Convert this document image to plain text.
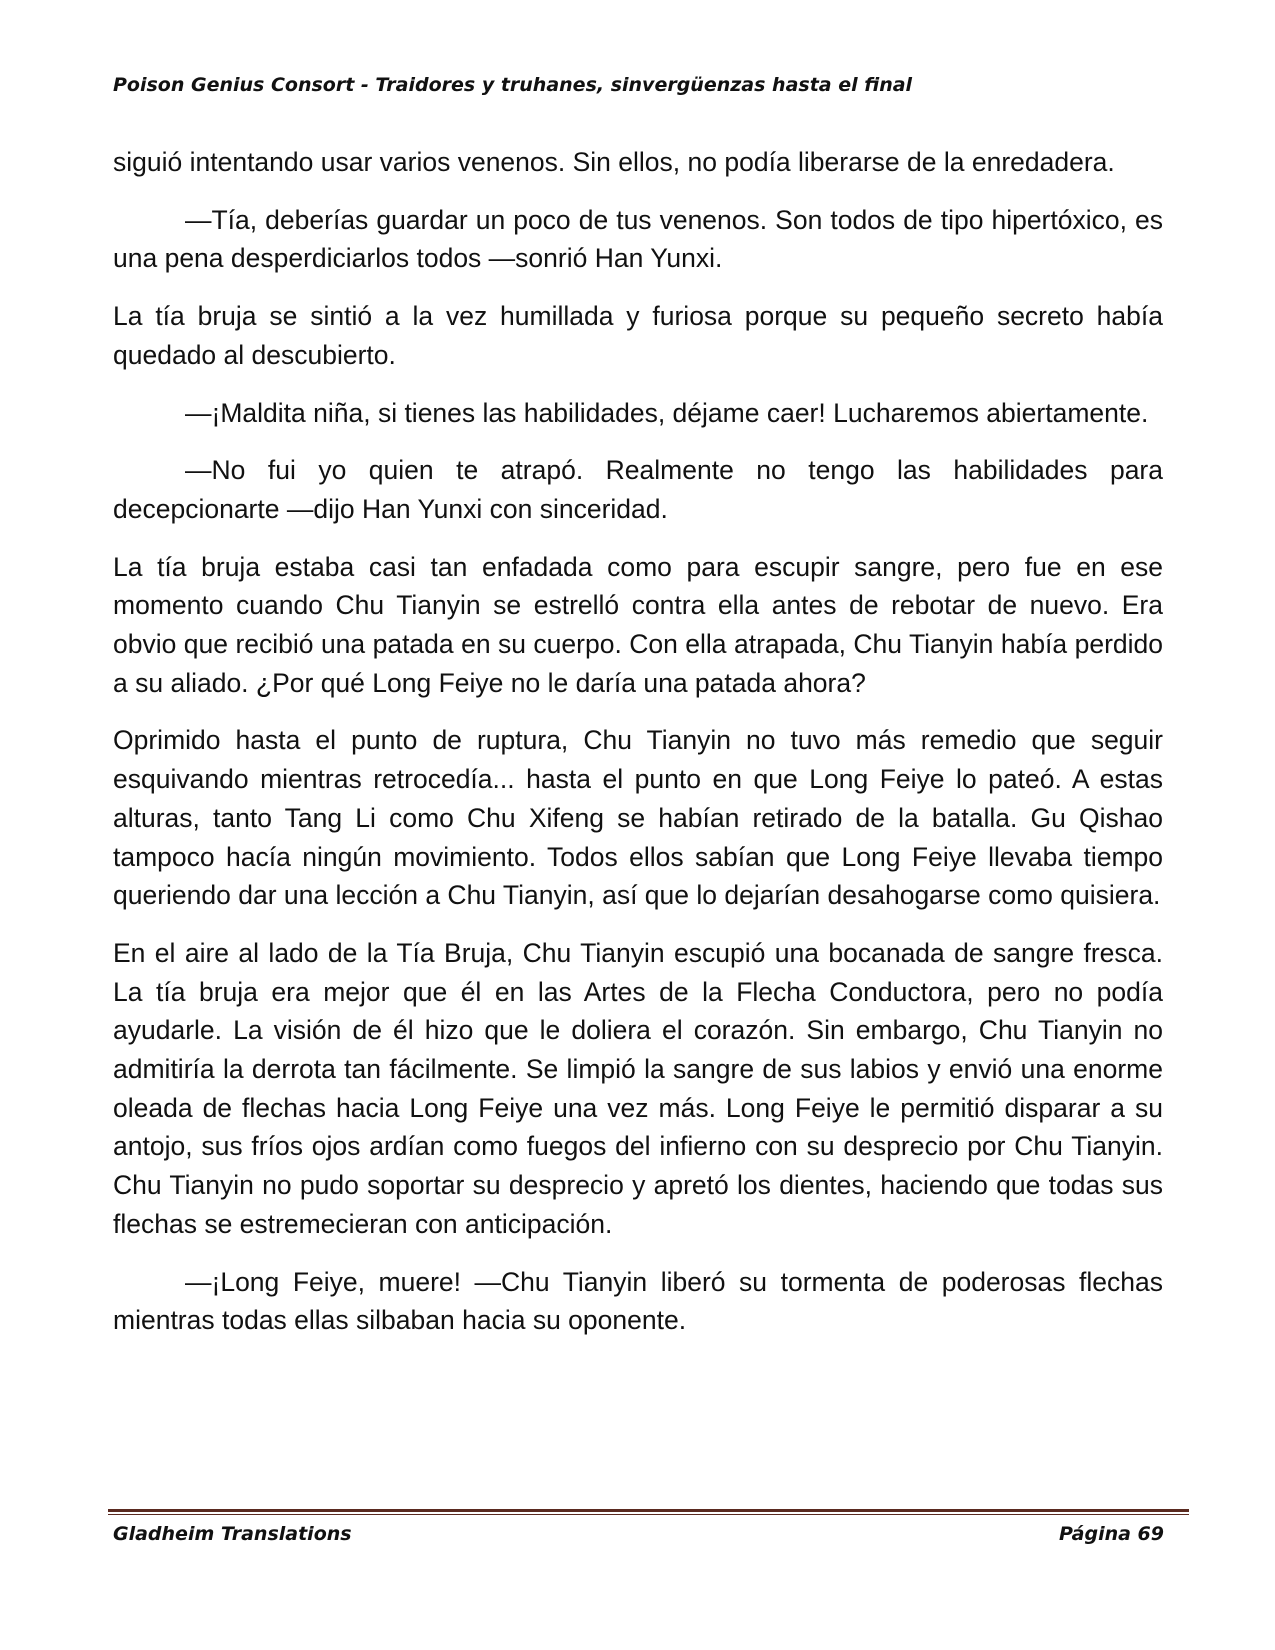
Poison Genius Consort - Traidores y truhanes, sinvergüenzas hasta el final

siguió intentando usar varios venenos. Sin ellos, no podía liberarse de la enredadera.

—Tía, deberías guardar un poco de tus venenos. Son todos de tipo hipertóxico, es una pena desperdiciarlos todos —sonrió Han Yunxi.

La tía bruja se sintió a la vez humillada y furiosa porque su pequeño secreto había quedado al descubierto.

—¡Maldita niña, si tienes las habilidades, déjame caer! Lucharemos abiertamente.

—No fui yo quien te atrapó. Realmente no tengo las habilidades para decepcionarte —dijo Han Yunxi con sinceridad.

La tía bruja estaba casi tan enfadada como para escupir sangre, pero fue en ese momento cuando Chu Tianyin se estrelló contra ella antes de rebotar de nuevo. Era obvio que recibió una patada en su cuerpo. Con ella atrapada, Chu Tianyin había perdido a su aliado. ¿Por qué Long Feiye no le daría una patada ahora?

Oprimido hasta el punto de ruptura, Chu Tianyin no tuvo más remedio que seguir esquivando mientras retrocedía... hasta el punto en que Long Feiye lo pateó. A estas alturas, tanto Tang Li como Chu Xifeng se habían retirado de la batalla. Gu Qishao tampoco hacía ningún movimiento. Todos ellos sabían que Long Feiye llevaba tiempo queriendo dar una lección a Chu Tianyin, así que lo dejarían desahogarse como quisiera.

En el aire al lado de la Tía Bruja, Chu Tianyin escupió una bocanada de sangre fresca. La tía bruja era mejor que él en las Artes de la Flecha Conductora, pero no podía ayudarle. La visión de él hizo que le doliera el corazón. Sin embargo, Chu Tianyin no admitiría la derrota tan fácilmente. Se limpió la sangre de sus labios y envió una enorme oleada de flechas hacia Long Feiye una vez más. Long Feiye le permitió disparar a su antojo, sus fríos ojos ardían como fuegos del infierno con su desprecio por Chu Tianyin. Chu Tianyin no pudo soportar su desprecio y apretó los dientes, haciendo que todas sus flechas se estremecieran con anticipación.

—¡Long Feiye, muere! —Chu Tianyin liberó su tormenta de poderosas flechas mientras todas ellas silbaban hacia su oponente.

Gladheim Translations	Página 69
